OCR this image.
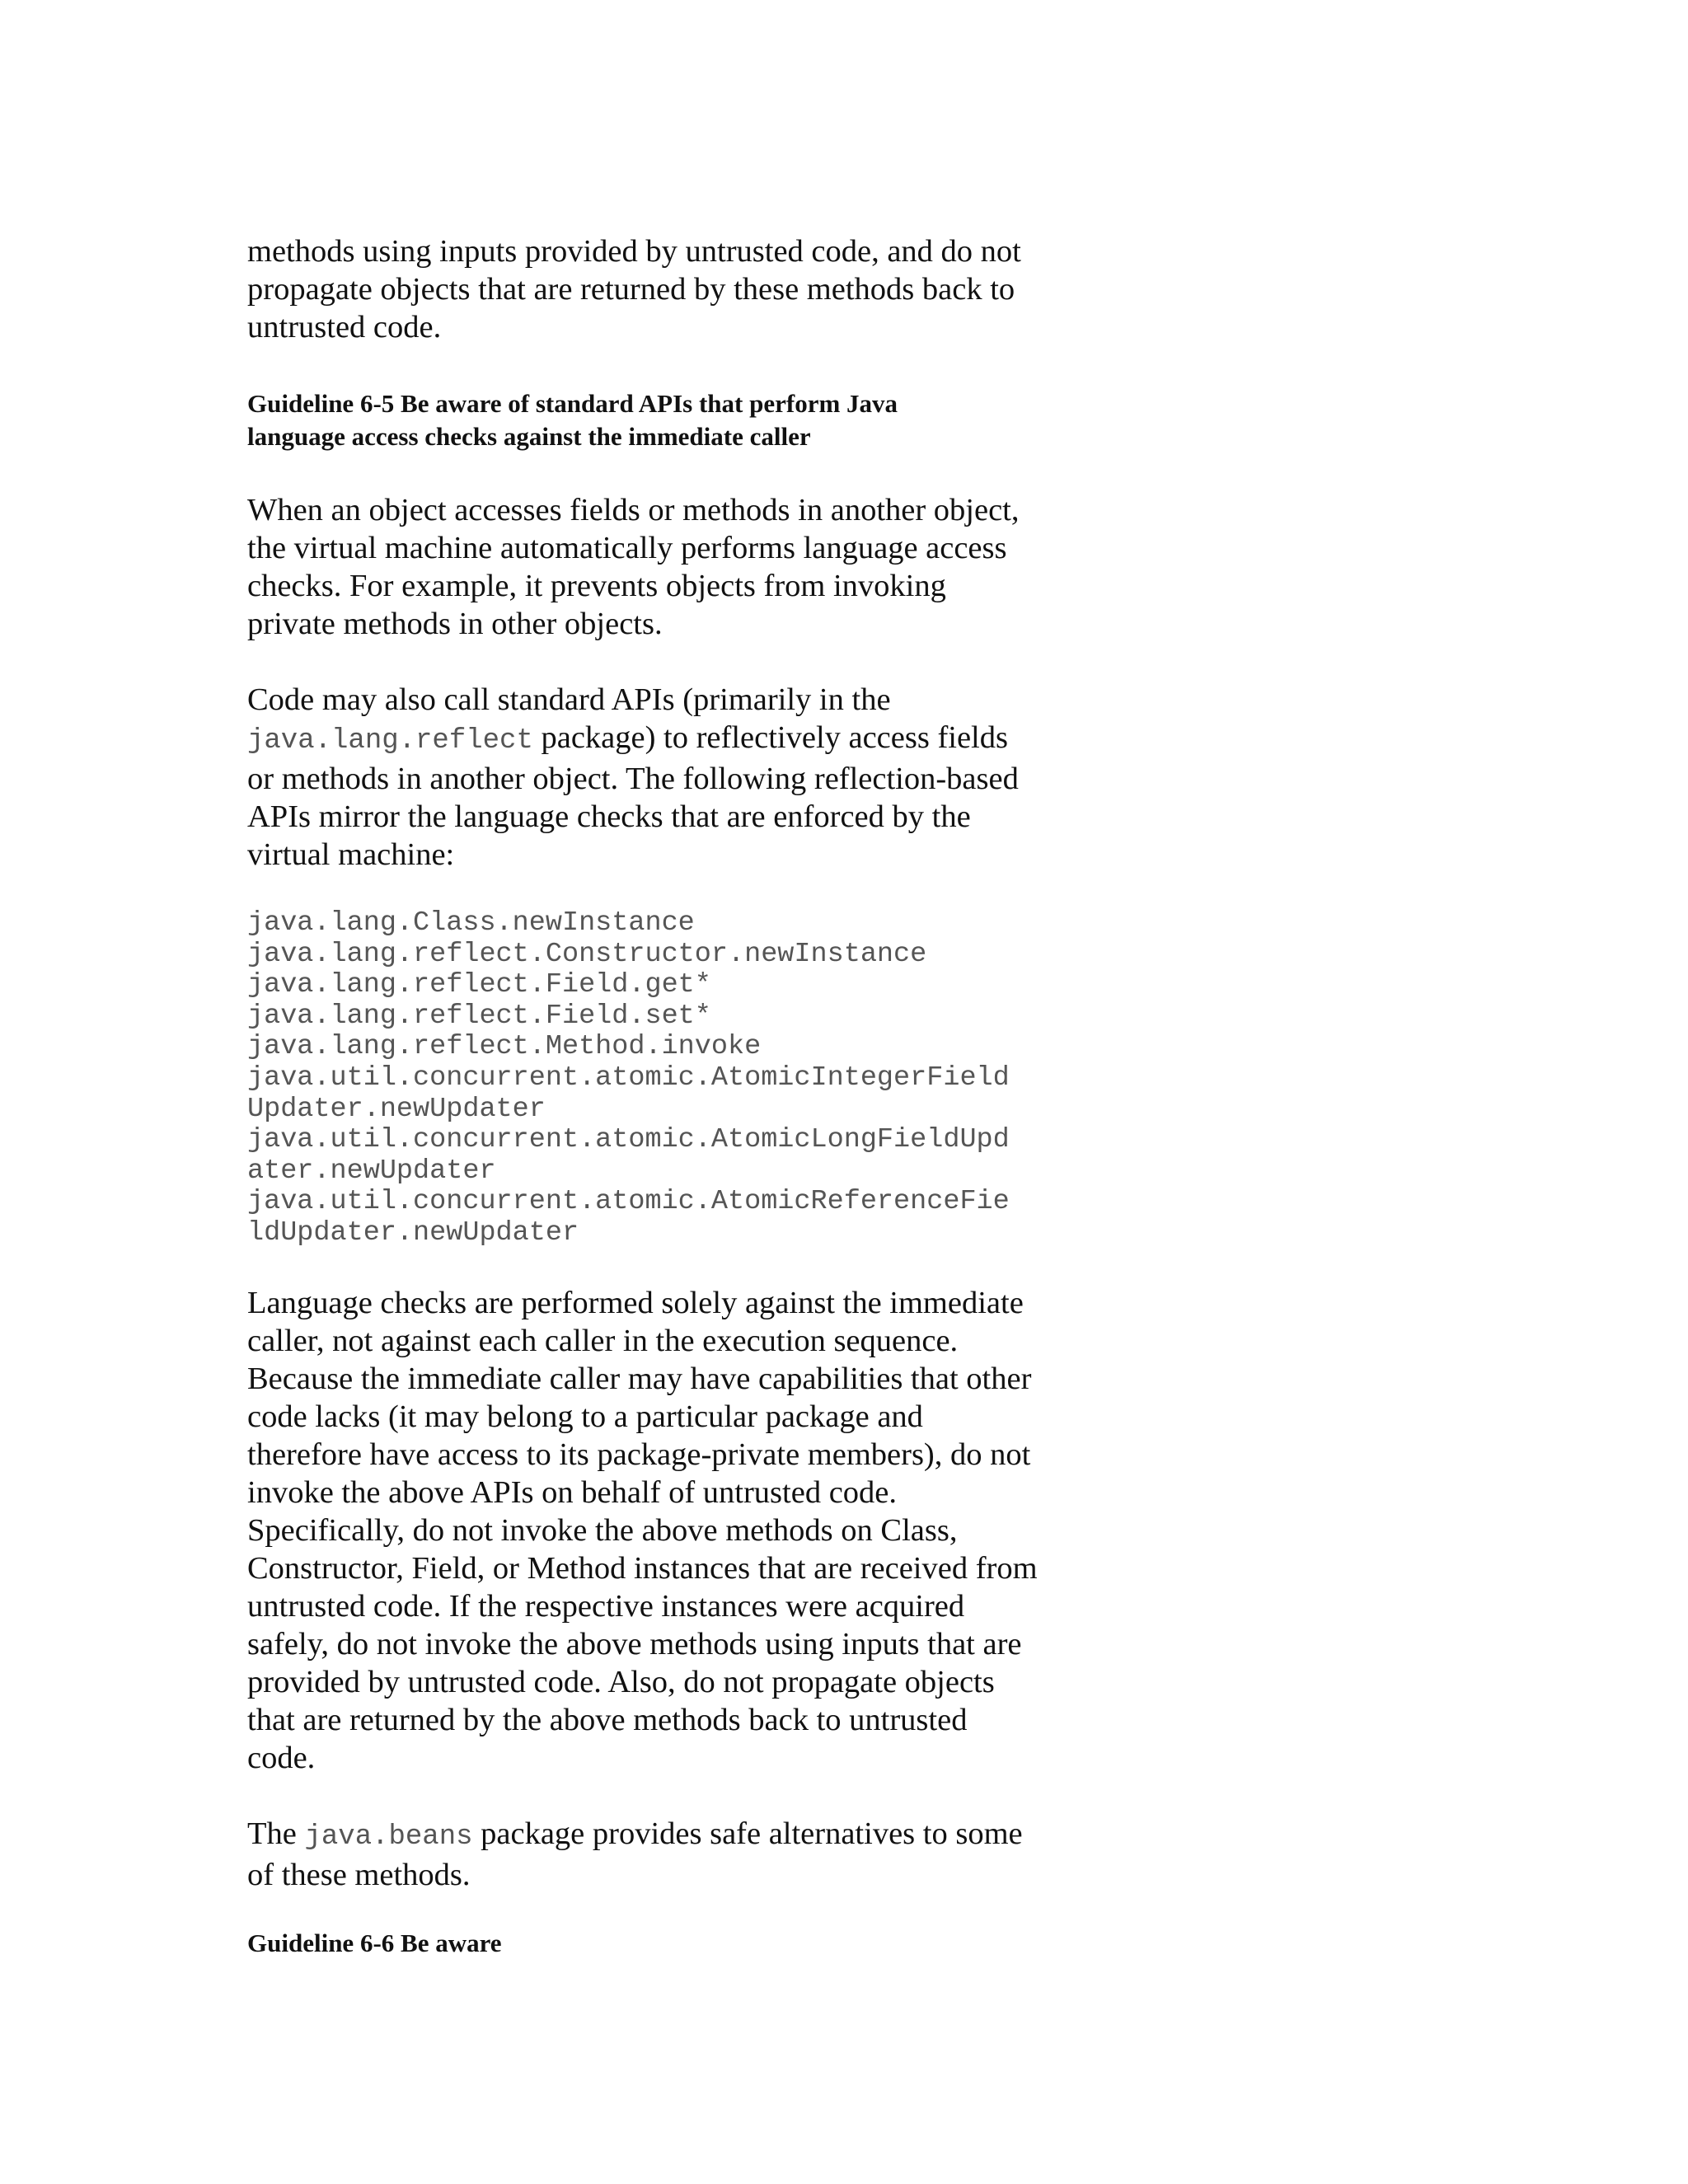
methods using inputs provided by untrusted code, and do not propagate objects that are returned by these methods back to untrusted code.

Guideline 6-5 Be aware of standard APIs that perform Java

language access checks against the immediate caller

When an object accesses fields or methods in another object, the virtual machine automatically performs language access checks. For example, it prevents objects from invoking private methods in other objects.

Code may also call standard APIs (primarily in the java.lang.reflect package) to reflectively access fields or methods in another object. The following reflection-based APIs mirror the language checks that are enforced by the virtual machine:

java.lang.Class.newInstance
java.lang.reflect.Constructor.newInstance
java.lang.reflect.Field.get*
java.lang.reflect.Field.set*
java.lang.reflect.Method.invoke
java.util.concurrent.atomic.AtomicIntegerField
Updater.newUpdater
java.util.concurrent.atomic.AtomicLongFieldUpd
ater.newUpdater
java.util.concurrent.atomic.AtomicReferenceFie
ldUpdater.newUpdater

Language checks are performed solely against the immediate caller, not against each caller in the execution sequence. Because the immediate caller may have capabilities that other code lacks (it may belong to a particular package and therefore have access to its package-private members), do not invoke the above APIs on behalf of untrusted code. Specifically, do not invoke the above methods on Class, Constructor, Field, or Method instances that are received from untrusted code. If the respective instances were acquired safely, do not invoke the above methods using inputs that are provided by untrusted code. Also, do not propagate objects that are returned by the above methods back to untrusted code.

The java.beans package provides safe alternatives to some of these methods.

Guideline 6-6 Be aware
